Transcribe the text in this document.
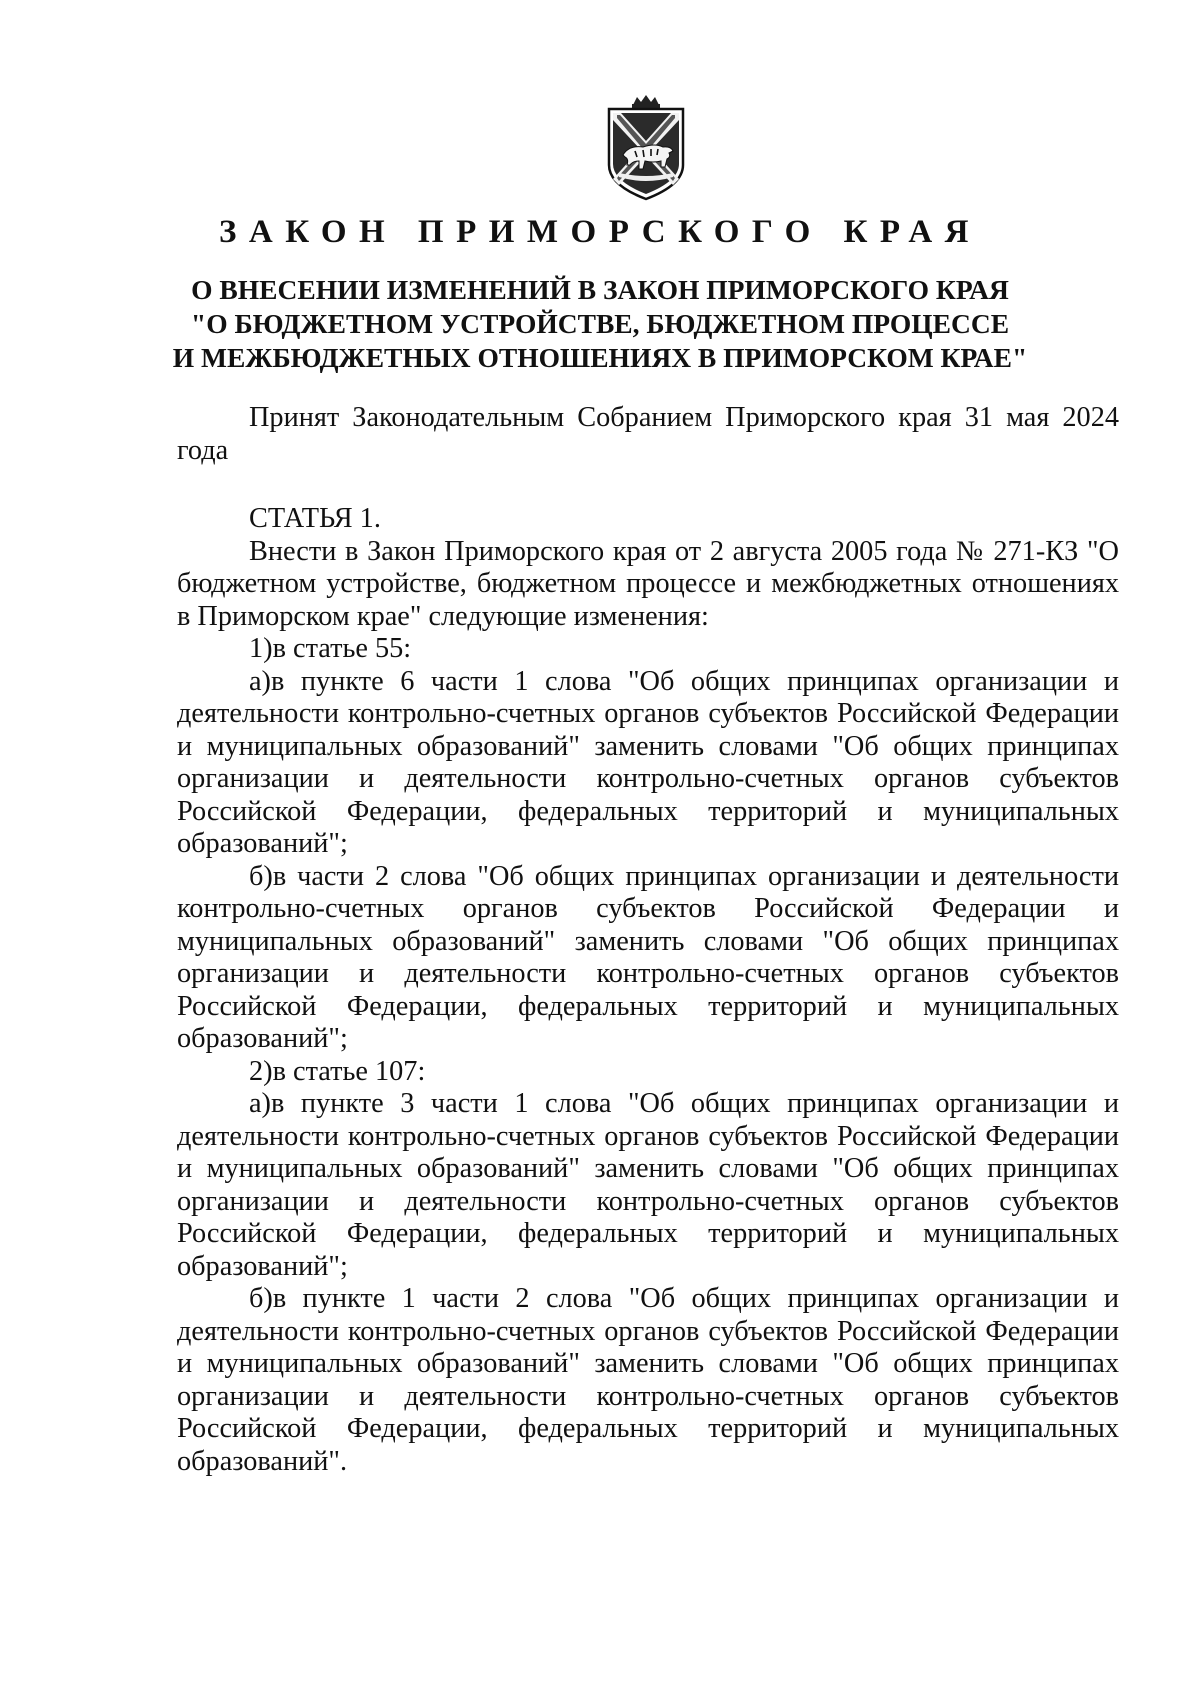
ЗАКОН ПРИМОРСКОГО КРАЯ
О ВНЕСЕНИИ ИЗМЕНЕНИЙ В ЗАКОН ПРИМОРСКОГО КРАЯ
"О БЮДЖЕТНОМ УСТРОЙСТВЕ, БЮДЖЕТНОМ ПРОЦЕССЕ
И МЕЖБЮДЖЕТНЫХ ОТНОШЕНИЯХ В ПРИМОРСКОМ КРАЕ"

Принят Законодательным Собранием Приморского края 31 мая 2024 года

СТАТЬЯ 1.

Внести в Закон Приморского края от 2 августа 2005 года № 271-КЗ "О бюджетном устройстве, бюджетном процессе и межбюджетных отношениях в Приморском крае" следующие изменения:

1)в статье 55:

а)в пункте 6 части 1 слова "Об общих принципах организации и деятельности контрольно-счетных органов субъектов Российской Федерации и муниципальных образований" заменить словами "Об общих принципах организации и деятельности контрольно-счетных органов субъектов Российской Федерации, федеральных территорий и муниципальных образований";

б)в части 2 слова "Об общих принципах организации и деятельности контрольно-счетных органов субъектов Российской Федерации и муниципальных образований" заменить словами "Об общих принципах организации и деятельности контрольно-счетных органов субъектов Российской Федерации, федеральных территорий и муниципальных образований";

2)в статье 107:

а)в пункте 3 части 1 слова "Об общих принципах организации и деятельности контрольно-счетных органов субъектов Российской Федерации и муниципальных образований" заменить словами "Об общих принципах организации и деятельности контрольно-счетных органов субъектов Российской Федерации, федеральных территорий и муниципальных образований";

б)в пункте 1 части 2 слова "Об общих принципах организации и деятельности контрольно-счетных органов субъектов Российской Федерации и муниципальных образований" заменить словами "Об общих принципах организации и деятельности контрольно-счетных органов субъектов Российской Федерации, федеральных территорий и муниципальных образований".
